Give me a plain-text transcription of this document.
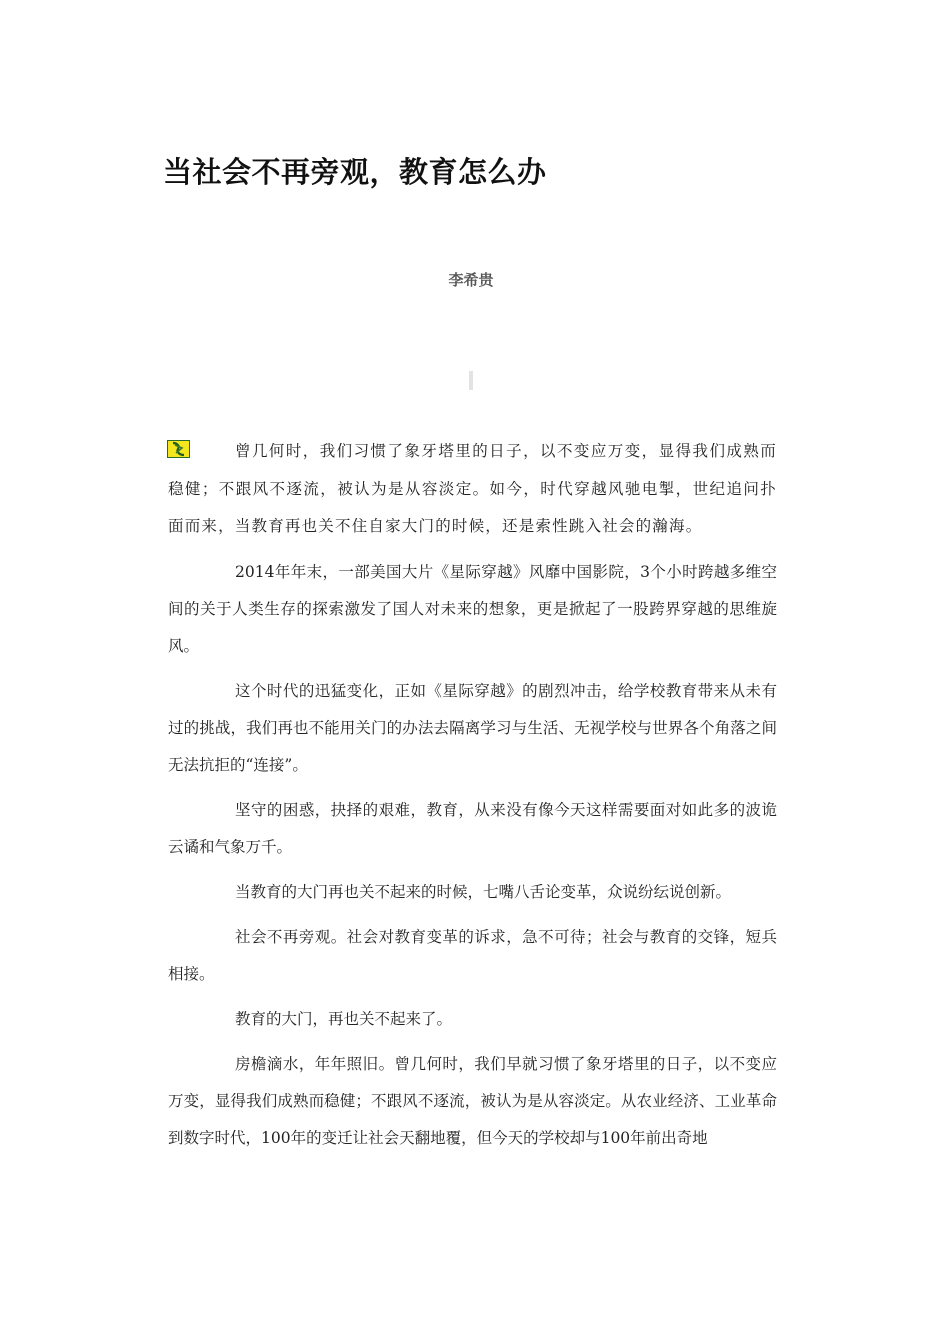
当社会不再旁观，教育怎么办
李希贵

曾几何时，我们习惯了象牙塔里的日子，以不变应万变，显得我们成熟而稳健；不跟风不逐流，被认为是从容淡定。如今，时代穿越风驰电掣，世纪追问扑面而来，当教育再也关不住自家大门的时候，还是索性跳入社会的瀚海。

2014年年末，一部美国大片《星际穿越》风靡中国影院，3个小时跨越多维空间的关于人类生存的探索激发了国人对未来的想象，更是掀起了一股跨界穿越的思维旋风。

这个时代的迅猛变化，正如《星际穿越》的剧烈冲击，给学校教育带来从未有过的挑战，我们再也不能用关门的办法去隔离学习与生活、无视学校与世界各个角落之间无法抗拒的“连接”。

坚守的困惑，抉择的艰难，教育，从来没有像今天这样需要面对如此多的波诡云谲和气象万千。

当教育的大门再也关不起来的时候，七嘴八舌论变革，众说纷纭说创新。

社会不再旁观。社会对教育变革的诉求，急不可待；社会与教育的交锋，短兵相接。

教育的大门，再也关不起来了。

房檐滴水，年年照旧。曾几何时，我们早就习惯了象牙塔里的日子，以不变应万变，显得我们成熟而稳健；不跟风不逐流，被认为是从容淡定。从农业经济、工业革命到数字时代，100年的变迁让社会天翻地覆，但今天的学校却与100年前出奇地
